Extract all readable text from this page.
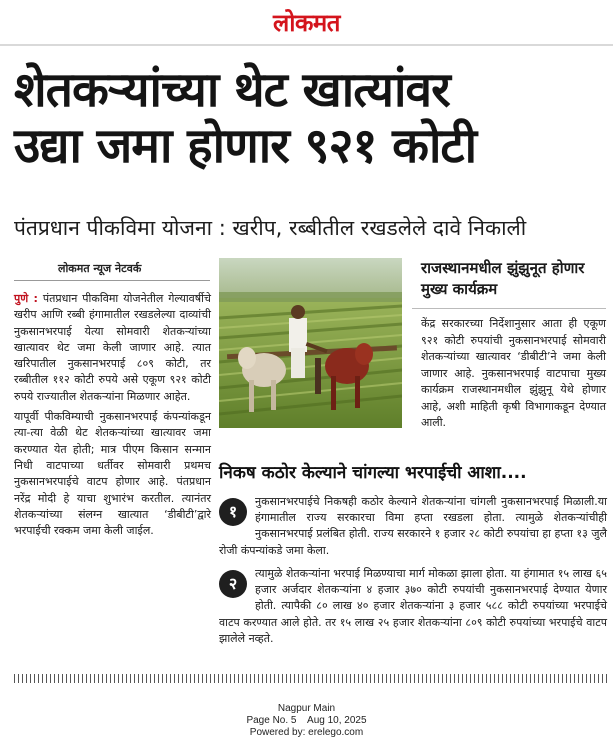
लोकमत
शेतकऱ्यांच्या थेट खात्यांवर
उद्या जमा होणार ९२१ कोटी
पंतप्रधान पीकविमा योजना : खरीप, रब्बीतील रखडलेले दावे निकाली
लोकमत न्यूज नेटवर्क

पुणे : पंतप्रधान पीकविमा योजनेतील गेल्यावर्षीचे खरीप आणि रब्बी हंगामातील रखडलेल्या दाव्यांची नुकसानभरपाई येत्या सोमवारी शेतकऱ्यांच्या खात्यावर थेट जमा केली जाणार आहे. त्यात खरिपातील नुकसानभरपाई ८०९ कोटी, तर रब्बीतील ११२ कोटी रुपये असे एकूण ९२१ कोटी रुपये राज्यातील शेतकऱ्यांना मिळणार आहेत.

यापूर्वी पीकविम्याची नुकसानभरपाई कंपन्यांकडून त्या-त्या वेळी थेट शेतकऱ्यांच्या खात्यावर जमा करण्यात येत होती; मात्र पीएम किसान सन्मान निधी वाटपाच्या धर्तीवर सोमवारी प्रथमच नुकसानभरपाईचे वाटप होणार आहे. पंतप्रधान नरेंद्र मोदी हे याचा शुभारंभ करतील. त्यानंतर शेतकऱ्यांच्या संलग्न खात्यात ‘डीबीटी’द्वारे भरपाईची रक्कम जमा केली जाईल.

राजस्थानमधील झुंझुनूत होणार मुख्य कार्यक्रम
केंद्र सरकारच्या निर्देशानुसार आता ही एकूण ९२१ कोटी रुपयांची नुकसानभरपाई सोमवारी शेतकऱ्यांच्या खात्यावर ‘डीबीटी’ने जमा केली जाणार आहे. नुकसानभरपाई वाटपाचा मुख्य कार्यक्रम राजस्थानमधील झुंझुनू येथे होणार आहे, अशी माहिती कृषी विभागाकडून देण्यात आली.
निकष कठोर केल्याने चांगल्या भरपाईची आशा....
१
नुकसानभरपाईचे निकषही कठोर केल्याने शेतकऱ्यांना चांगली नुकसानभरपाई मिळाली.या हंगामातील राज्य सरकारचा विमा हप्ता रखडला होता. त्यामुळे शेतकऱ्यांचीही नुकसानभरपाई प्रलंबित होती. राज्य सरकारने १ हजार २८ कोटी रुपयांचा हा हप्ता १३ जुलै रोजी कंपन्यांकडे जमा केला.
२
त्यामुळे शेतकऱ्यांना भरपाई मिळण्याचा मार्ग मोकळा झाला होता. या हंगामात १५ लाख ६५ हजार अर्जदार शेतकऱ्यांना ४ हजार ३७० कोटी रुपयांची नुकसानभरपाई देण्यात येणार होती. त्यापैकी ८० लाख ४० हजार शेतकऱ्यांना ३ हजार ५८८ कोटी रुपयांच्या भरपाईचे वाटप करण्यात आले होते. तर १५ लाख २५ हजार शेतकऱ्यांना ८०९ कोटी रुपयांच्या भरपाईचे वाटप झालेले नव्हते.
Nagpur Main
Page No. 5    Aug 10, 2025
Powered by: erelego.com
